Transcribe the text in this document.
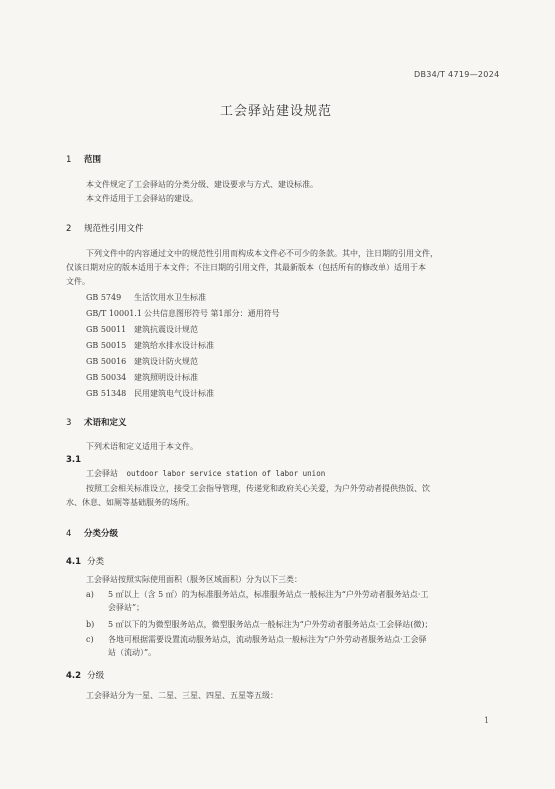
DB34/T 4719—2024
工会驿站建设规范
1 范围
本文件规定了工会驿站的分类分级、建设要求与方式、建设标准。
本文件适用于工会驿站的建设。
2 规范性引用文件
下列文件中的内容通过文中的规范性引用而构成本文件必不可少的条款。其中，注日期的引用文件，
仅该日期对应的版本适用于本文件；不注日期的引用文件，其最新版本（包括所有的修改单）适用于本
文件。
GB 5749 生活饮用水卫生标准
GB/T 10001.1 公共信息图形符号 第1部分：通用符号
GB 50011 建筑抗震设计规范
GB 50015 建筑给水排水设计标准
GB 50016 建筑设计防火规范
GB 50034 建筑照明设计标准
GB 51348 民用建筑电气设计标准
3 术语和定义
下列术语和定义适用于本文件。
3.1
工会驿站 outdoor labor service station of labor union
按照工会相关标准设立，接受工会指导管理，传递党和政府关心关爱，为户外劳动者提供热饭、饮
水、休息、如厕等基础服务的场所。
4 分类分级
4.1 分类
工会驿站按照实际使用面积（服务区域面积）分为以下三类：
a) 5 ㎡以上（含 5 ㎡）的为标准服务站点，标准服务站点一般标注为“户外劳动者服务站点·工
会驿站”；
b) 5 ㎡以下的为微型服务站点，微型服务站点一般标注为“户外劳动者服务站点·工会驿站(微)；
c) 各地可根据需要设置流动服务站点，流动服务站点一般标注为“户外劳动者服务站点·工会驿
站（流动）”。
4.2 分级
工会驿站分为一星、二星、三星、四星、五星等五级：
1
